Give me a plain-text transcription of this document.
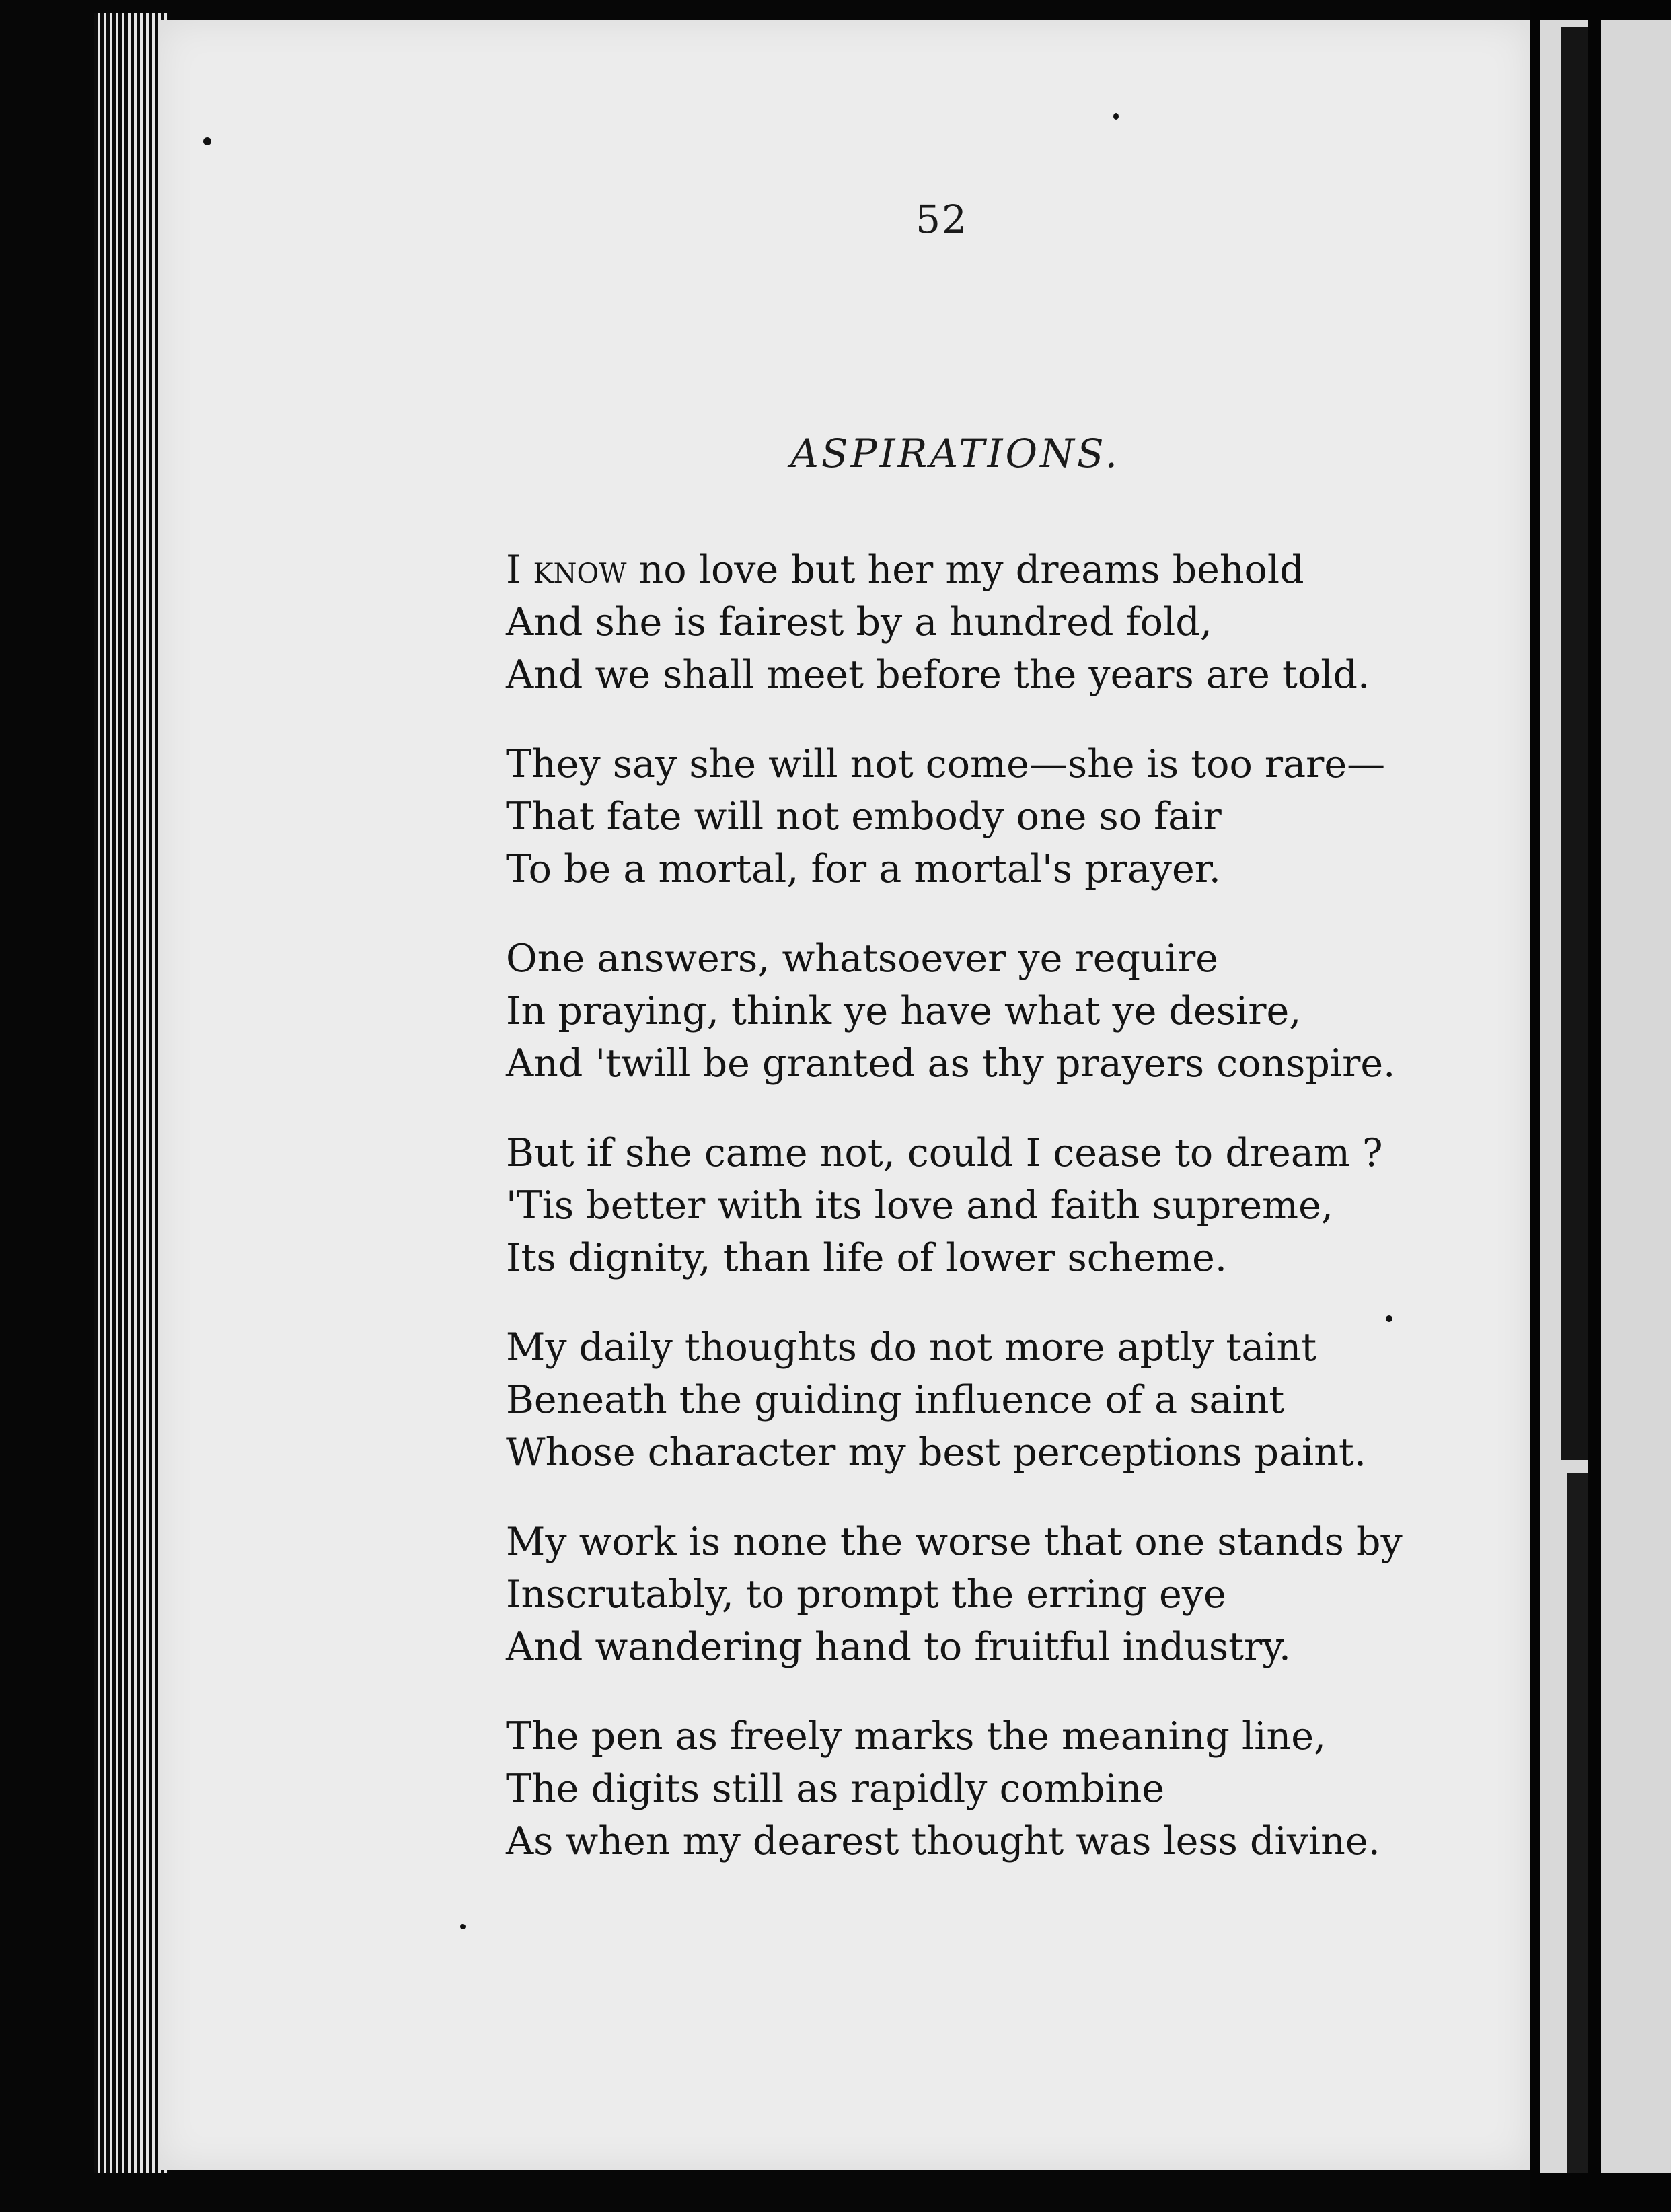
52
ASPIRATIONS.
I know no love but her my dreams behold
And she is fairest by a hundred fold,
And we shall meet before the years are told.
They say she will not come—she is too rare—
That fate will not embody one so fair
To be a mortal, for a mortal's prayer.
One answers, whatsoever ye require
In praying, think ye have what ye desire,
And 'twill be granted as thy prayers conspire.
But if she came not, could I cease to dream ?
'Tis better with its love and faith supreme,
Its dignity, than life of lower scheme.
My daily thoughts do not more aptly taint
Beneath the guiding influence of a saint
Whose character my best perceptions paint.
My work is none the worse that one stands by
Inscrutably, to prompt the erring eye
And wandering hand to fruitful industry.
The pen as freely marks the meaning line,
The digits still as rapidly combine
As when my dearest thought was less divine.
